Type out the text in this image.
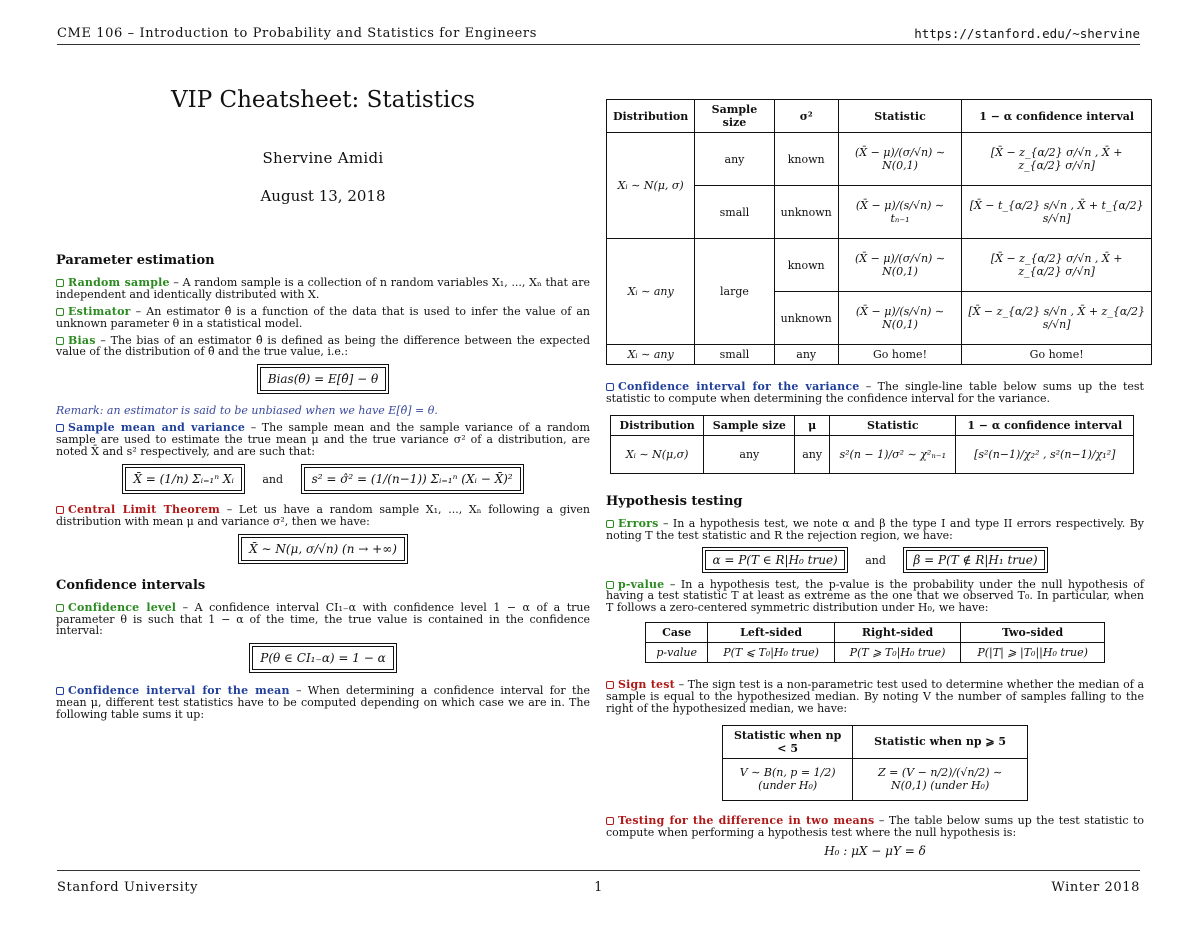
CME 106 – Introduction to Probability and Statistics for Engineers	https://stanford.edu/~shervine
VIP Cheatsheet: Statistics
Shervine Amidi
August 13, 2018
Parameter estimation

Random sample – A random sample is a collection of n random variables X₁, ..., Xₙ that are independent and identically distributed with X.

Estimator – An estimator θ̂ is a function of the data that is used to infer the value of an unknown parameter θ in a statistical model.

Bias – The bias of an estimator θ̂ is defined as being the difference between the expected value of the distribution of θ̂ and the true value, i.e.:

Bias(θ̂) = E[θ̂] − θ
Remark: an estimator is said to be unbiased when we have E[θ̂] = θ.

Sample mean and variance – The sample mean and the sample variance of a random sample are used to estimate the true mean μ and the true variance σ² of a distribution, are noted X̄ and s² respectively, and are such that:

X̄ = (1/n) Σᵢ₌₁ⁿ Xᵢ	and	s² = σ̂² = (1/(n−1)) Σᵢ₌₁ⁿ (Xᵢ − X̄)²

Central Limit Theorem – Let us have a random sample X₁, ..., Xₙ following a given distribution with mean μ and variance σ², then we have:

X̄ ∼ N(μ, σ/√n) (n → +∞)
Confidence intervals

Confidence level – A confidence interval CI₁₋α with confidence level 1 − α of a true parameter θ is such that 1 − α of the time, the true value is contained in the confidence interval:

P(θ ∈ CI₁₋α) = 1 − α

Confidence interval for the mean – When determining a confidence interval for the mean μ, different test statistics have to be computed depending on which case we are in. The following table sums it up:

Distribution	Sample size	σ²	Statistic	1 − α confidence interval
Xᵢ ∼ N(μ, σ)	any	known	(X̄ − μ)/(σ/√n) ∼ N(0,1)	[X̄ − z_{α/2} σ/√n , X̄ + z_{α/2} σ/√n]
	small	unknown	(X̄ − μ)/(s/√n) ∼ tₙ₋₁	[X̄ − t_{α/2} s/√n , X̄ + t_{α/2} s/√n]
Xᵢ ∼ any	large	known	(X̄ − μ)/(σ/√n) ∼ N(0,1)	[X̄ − z_{α/2} σ/√n , X̄ + z_{α/2} σ/√n]
		unknown	(X̄ − μ)/(s/√n) ∼ N(0,1)	[X̄ − z_{α/2} s/√n , X̄ + z_{α/2} s/√n]
Xᵢ ∼ any	small	any	Go home!	Go home!

Confidence interval for the variance – The single-line table below sums up the test statistic to compute when determining the confidence interval for the variance.

Distribution	Sample size	μ	Statistic	1 − α confidence interval
Xᵢ ∼ N(μ,σ)	any	any	s²(n − 1)/σ² ∼ χ²ₙ₋₁	[s²(n−1)/χ₂² , s²(n−1)/χ₁²]
Hypothesis testing

Errors – In a hypothesis test, we note α and β the type I and type II errors respectively. By noting T the test statistic and R the rejection region, we have:

α = P(T ∈ R|H₀ true)	and	β = P(T ∉ R|H₁ true)

p-value – In a hypothesis test, the p-value is the probability under the null hypothesis of having a test statistic T at least as extreme as the one that we observed T₀. In particular, when T follows a zero-centered symmetric distribution under H₀, we have:

Case	Left-sided	Right-sided	Two-sided
p-value	P(T ⩽ T₀|H₀ true)	P(T ⩾ T₀|H₀ true)	P(|T| ⩾ |T₀||H₀ true)

Sign test – The sign test is a non-parametric test used to determine whether the median of a sample is equal to the hypothesized median. By noting V the number of samples falling to the right of the hypothesized median, we have:

Statistic when np < 5	Statistic when np ⩾ 5
V ∼ B(n, p = 1/2) (under H₀)	Z = (V − n/2)/(√n/2) ∼ N(0,1) (under H₀)

Testing for the difference in two means – The table below sums up the test statistic to compute when performing a hypothesis test where the null hypothesis is:

H₀ : μX − μY = δ
Stanford University	1	Winter 2018
